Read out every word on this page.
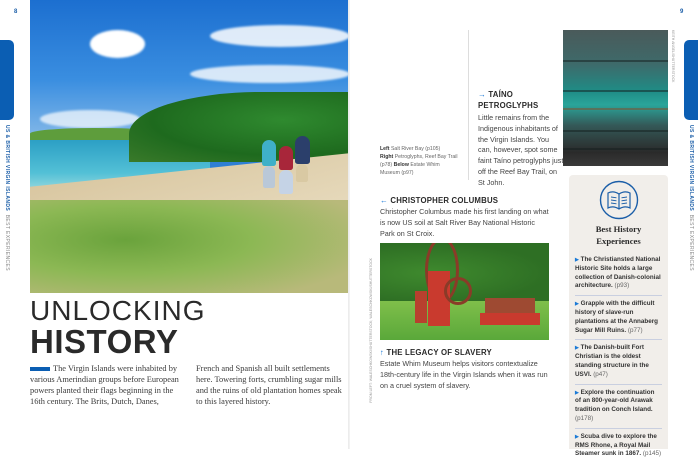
8
US & BRITISH VIRGIN ISLANDS  BEST EXPERIENCES
UNLOCKING
HISTORY
The Virgin Islands were inhabited by various Amerindian groups before European powers planted their flags beginning in the 16th century. The Brits, Dutch, Danes, French and Spanish all built settlements here. Towering forts, crumbling sugar mills and the ruins of old plantation homes speak to this layered history.
9
US & BRITISH VIRGIN ISLANDS  BEST EXPERIENCES
Left Salt River Bay (p105)
Right Petroglyphs, Reef Bay Trail (p78) Below Estate Whim Museum (p97)
→ TAÍNO
PETROGLYPHS
Little remains from the Indigenous inhabitants of the Virgin Islands. You can, however, spot some faint Taíno petroglyphs just off the Reef Bay Trail, on St John.
KEITH ANGEL/SHUTTERSTOCK
← CHRISTOPHER COLUMBUS
Christopher Columbus made his first landing on what is now US soil at Salt River Bay National Historic Park on St Croix.
FROM LEFT: WALESCHKOWSKI/SHUTTERSTOCK; WALESCHKOWSKI/SHUTTERSTOCK ↑ THE LEGACY OF SLAVERY
Estate Whim Museum helps visitors contextualize 18th-century life in the Virgin Islands when it was run on a cruel system of slavery.
Best History
Experiences
▶ The Christiansted National Historic Site holds a large collection of Danish-colonial architecture. (p93)
▶ Grapple with the difficult history of slave-run plantations at the Annaberg Sugar Mill Ruins. (p77)
▶ The Danish-built Fort Christian is the oldest standing structure in the USVI. (p47)
▶ Explore the continuation of an 800-year-old Arawak tradition on Conch Island. (p178)
▶ Scuba dive to explore the RMS Rhone, a Royal Mail Steamer sunk in 1867. (p145)
